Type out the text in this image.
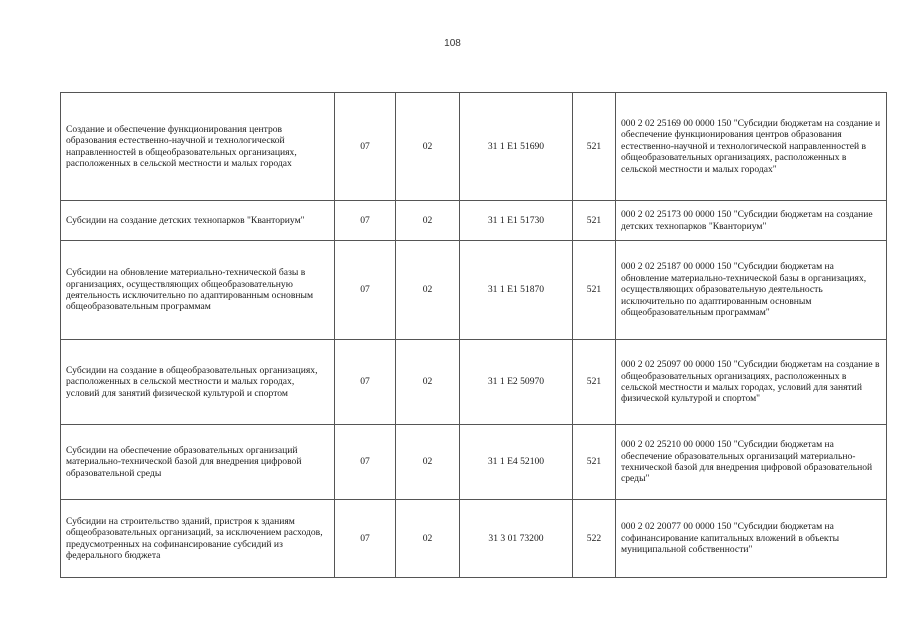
108
Создание и обеспечение функционирования центров образования естественно-научной и технологической направленностей в общеобразовательных организациях, расположенных в сельской местности и малых городах	07	02	31 1 E1 51690	521	000 2 02 25169 00 0000 150 "Субсидии бюджетам на создание и обеспечение функционирования центров образования естественно-научной и технологической направленностей в общеобразовательных организациях, расположенных в сельской местности и малых городах"
Субсидии на создание детских технопарков "Кванториум"	07	02	31 1 E1 51730	521	000 2 02 25173 00 0000 150 "Субсидии бюджетам на создание детских технопарков "Кванториум"
Субсидии на обновление материально-технической базы в организациях, осуществляющих общеобразовательную деятельность исключительно по адаптированным основным общеобразовательным программам	07	02	31 1 E1 51870	521	000 2 02 25187 00 0000 150 "Субсидии бюджетам на обновление материально-технической базы в организациях, осуществляющих образовательную деятельность исключительно по адаптированным основным общеобразовательным программам"
Субсидии на создание в общеобразовательных организациях, расположенных в сельской местности и малых городах, условий для занятий физической культурой и спортом	07	02	31 1 E2 50970	521	000 2 02 25097 00 0000 150 "Субсидии бюджетам на создание в общеобразовательных организациях, расположенных в сельской местности и малых городах, условий для занятий физической культурой и спортом"
Субсидии на обеспечение образовательных организаций материально-технической базой для внедрения цифровой образовательной среды	07	02	31 1 E4 52100	521	000 2 02 25210 00 0000 150 "Субсидии бюджетам на обеспечение образовательных организаций материально-технической базой для внедрения цифровой образовательной среды"
Субсидии на строительство зданий, пристроя к зданиям общеобразовательных организаций, за исключением расходов, предусмотренных на софинансирование субсидий из федерального бюджета	07	02	31 3 01 73200	522	000 2 02 20077 00 0000 150 "Субсидии бюджетам на софинансирование капитальных вложений в объекты муниципальной собственности"
